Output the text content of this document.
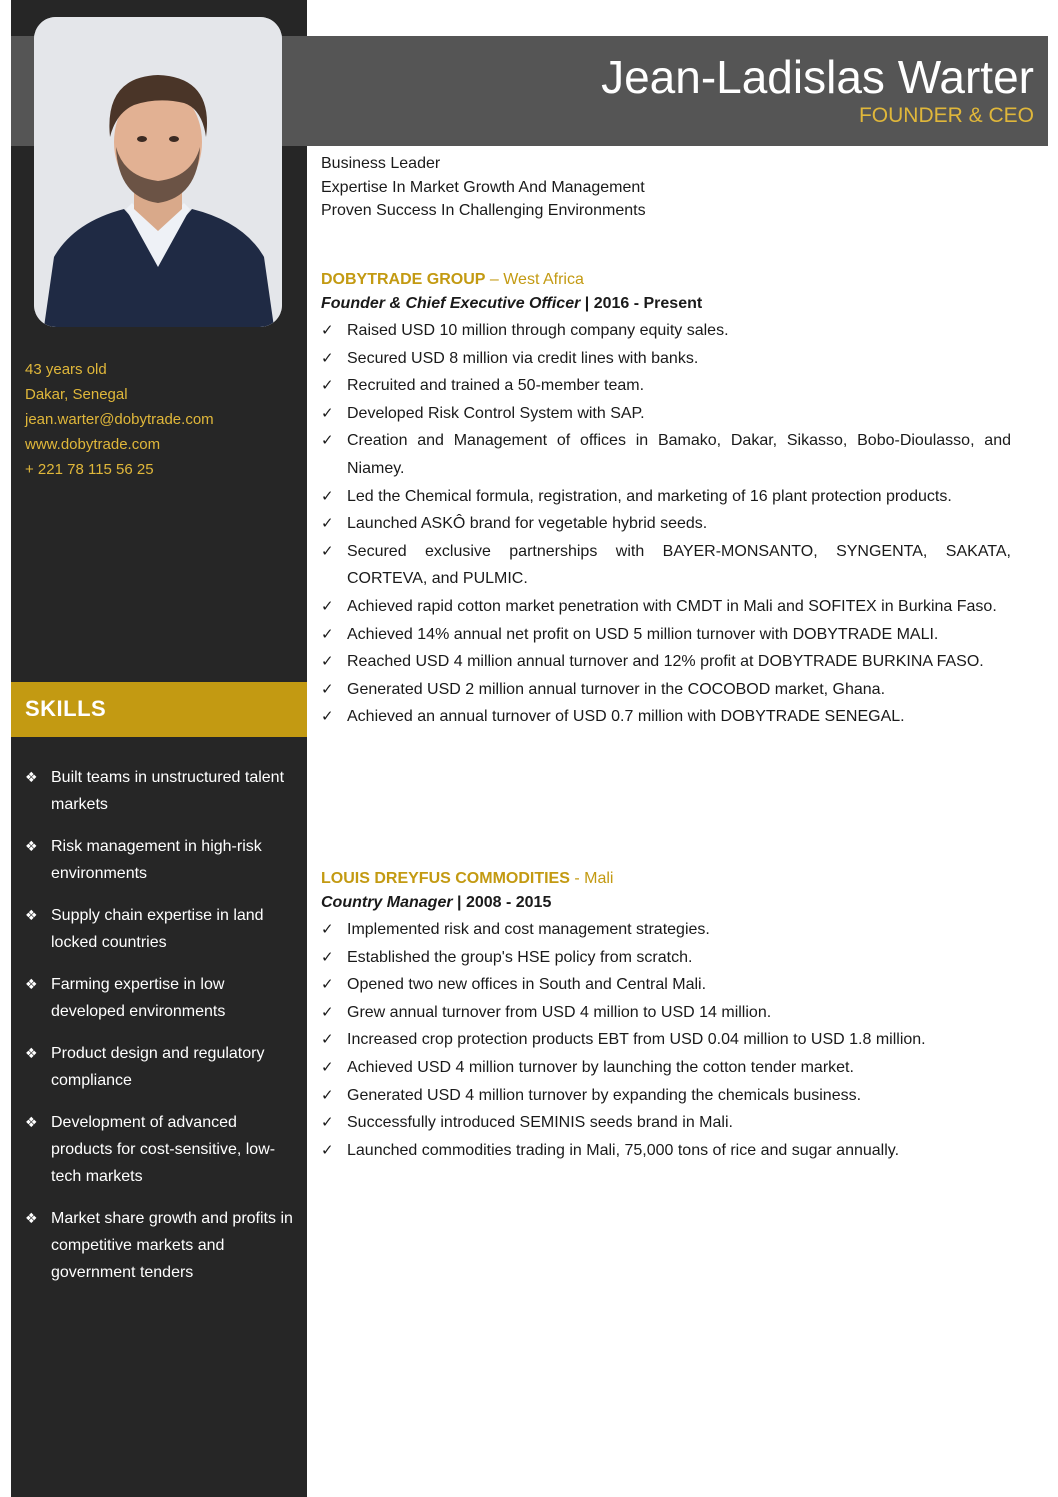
43 years old
Dakar, Senegal
jean.warter@dobytrade.com
www.dobytrade.com
+ 221 78 115 56 25
SKILLS
❖ Built teams in unstructured talent markets
❖ Risk management in high-risk environments
❖ Supply chain expertise in land locked countries
❖ Farming expertise in low developed environments
❖ Product design and regulatory compliance
❖ Development of advanced products for cost-sensitive, low-tech markets
❖ Market share growth and profits in competitive markets and government tenders
Jean-Ladislas Warter
FOUNDER & CEO
Business Leader
Expertise In Market Growth And Management
Proven Success In Challenging Environments
DOBYTRADE GROUP – West Africa
Founder & Chief Executive Officer | 2016 - Present
✓ Raised USD 10 million through company equity sales.
✓ Secured USD 8 million via credit lines with banks.
✓ Recruited and trained a 50-member team.
✓ Developed Risk Control System with SAP.
✓ Creation and Management of offices in Bamako, Dakar, Sikasso, Bobo-Dioulasso, and Niamey.
✓ Led the Chemical formula, registration, and marketing of 16 plant protection products.
✓ Launched ASKÔ brand for vegetable hybrid seeds.
✓ Secured exclusive partnerships with BAYER-MONSANTO, SYNGENTA, SAKATA, CORTEVA, and PULMIC.
✓ Achieved rapid cotton market penetration with CMDT in Mali and SOFITEX in Burkina Faso.
✓ Achieved 14% annual net profit on USD 5 million turnover with DOBYTRADE MALI.
✓ Reached USD 4 million annual turnover and 12% profit at DOBYTRADE BURKINA FASO.
✓ Generated USD 2 million annual turnover in the COCOBOD market, Ghana.
✓ Achieved an annual turnover of USD 0.7 million with DOBYTRADE SENEGAL.
LOUIS DREYFUS COMMODITIES - Mali
Country Manager | 2008 - 2015
✓ Implemented risk and cost management strategies.
✓ Established the group's HSE policy from scratch.
✓ Opened two new offices in South and Central Mali.
✓ Grew annual turnover from USD 4 million to USD 14 million.
✓ Increased crop protection products EBT from USD 0.04 million to USD 1.8 million.
✓ Achieved USD 4 million turnover by launching the cotton tender market.
✓ Generated USD 4 million turnover by expanding the chemicals business.
✓ Successfully introduced SEMINIS seeds brand in Mali.
✓ Launched commodities trading in Mali, 75,000 tons of rice and sugar annually.
